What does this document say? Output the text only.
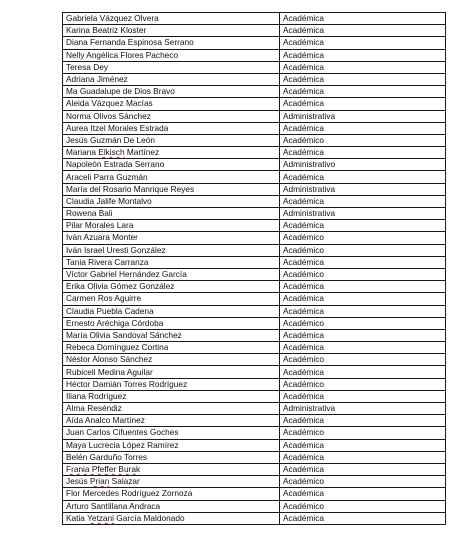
Gabriela Vázquez Olvera	Académica
Karina Beatriz Kloster	Académica
Diana Fernanda Espinosa Serrano	Académica
Nelly Angélica Flores Pacheco	Académica
Teresa Dey	Académica
Adriana Jiménez	Académica
Ma Guadalupe de Dios Bravo	Académica
Aleida Vázquez Macías	Académica
Norma Olivos Sánchez	Administrativa
Aurea Itzel Morales Estrada	Académica
Jesús Guzmán De León	Académico
Mariana Elkisch Martínez	Académica
Napoleón Estrada Serrano	Administrativo
Araceli Parra Guzmán	Académica
María del Rosario Manrique Reyes	Administrativa
Claudia Jalife Montalvo	Académica
Rowena Bali	Administrativa
Pilar Morales Lara	Académica
Iván Azuara Monter	Académico
Iván Israel Uresti González	Académico
Tania Rivera Carranza	Académica
Víctor Gabriel Hernández García	Académico
Erika Olivia Gómez González	Académica
Carmen Ros Aguirre	Académica
Claudia Puebla Cadena	Académica
Ernesto Aréchiga Córdoba	Académico
María Olivia Sandoval Sánchez	Académica
Rebeca Domínguez Cortina	Académica
Néstor Alonso Sánchez	Académico
Rubiceli Medina Aguilar	Académica
Héctor Damián Torres Rodríguez	Académico
Iliana Rodríguez	Académica
Alma Reséndiz	Administrativa
Aída Analco Martínez	Académica
Juan Carlos Cifuentes Goches	Académico
Maya Lucrecia López Ramírez	Académica
Belén Garduño Torres	Académica
Frania Pfeffer Burak	Académica
Jesús Prian Salazar	Académico
Flor Mercedes Rodríguez Zornoza	Académica
Arturo Santillana Andraca	Académico
Katia Yetzani García Maldonado	Académica
